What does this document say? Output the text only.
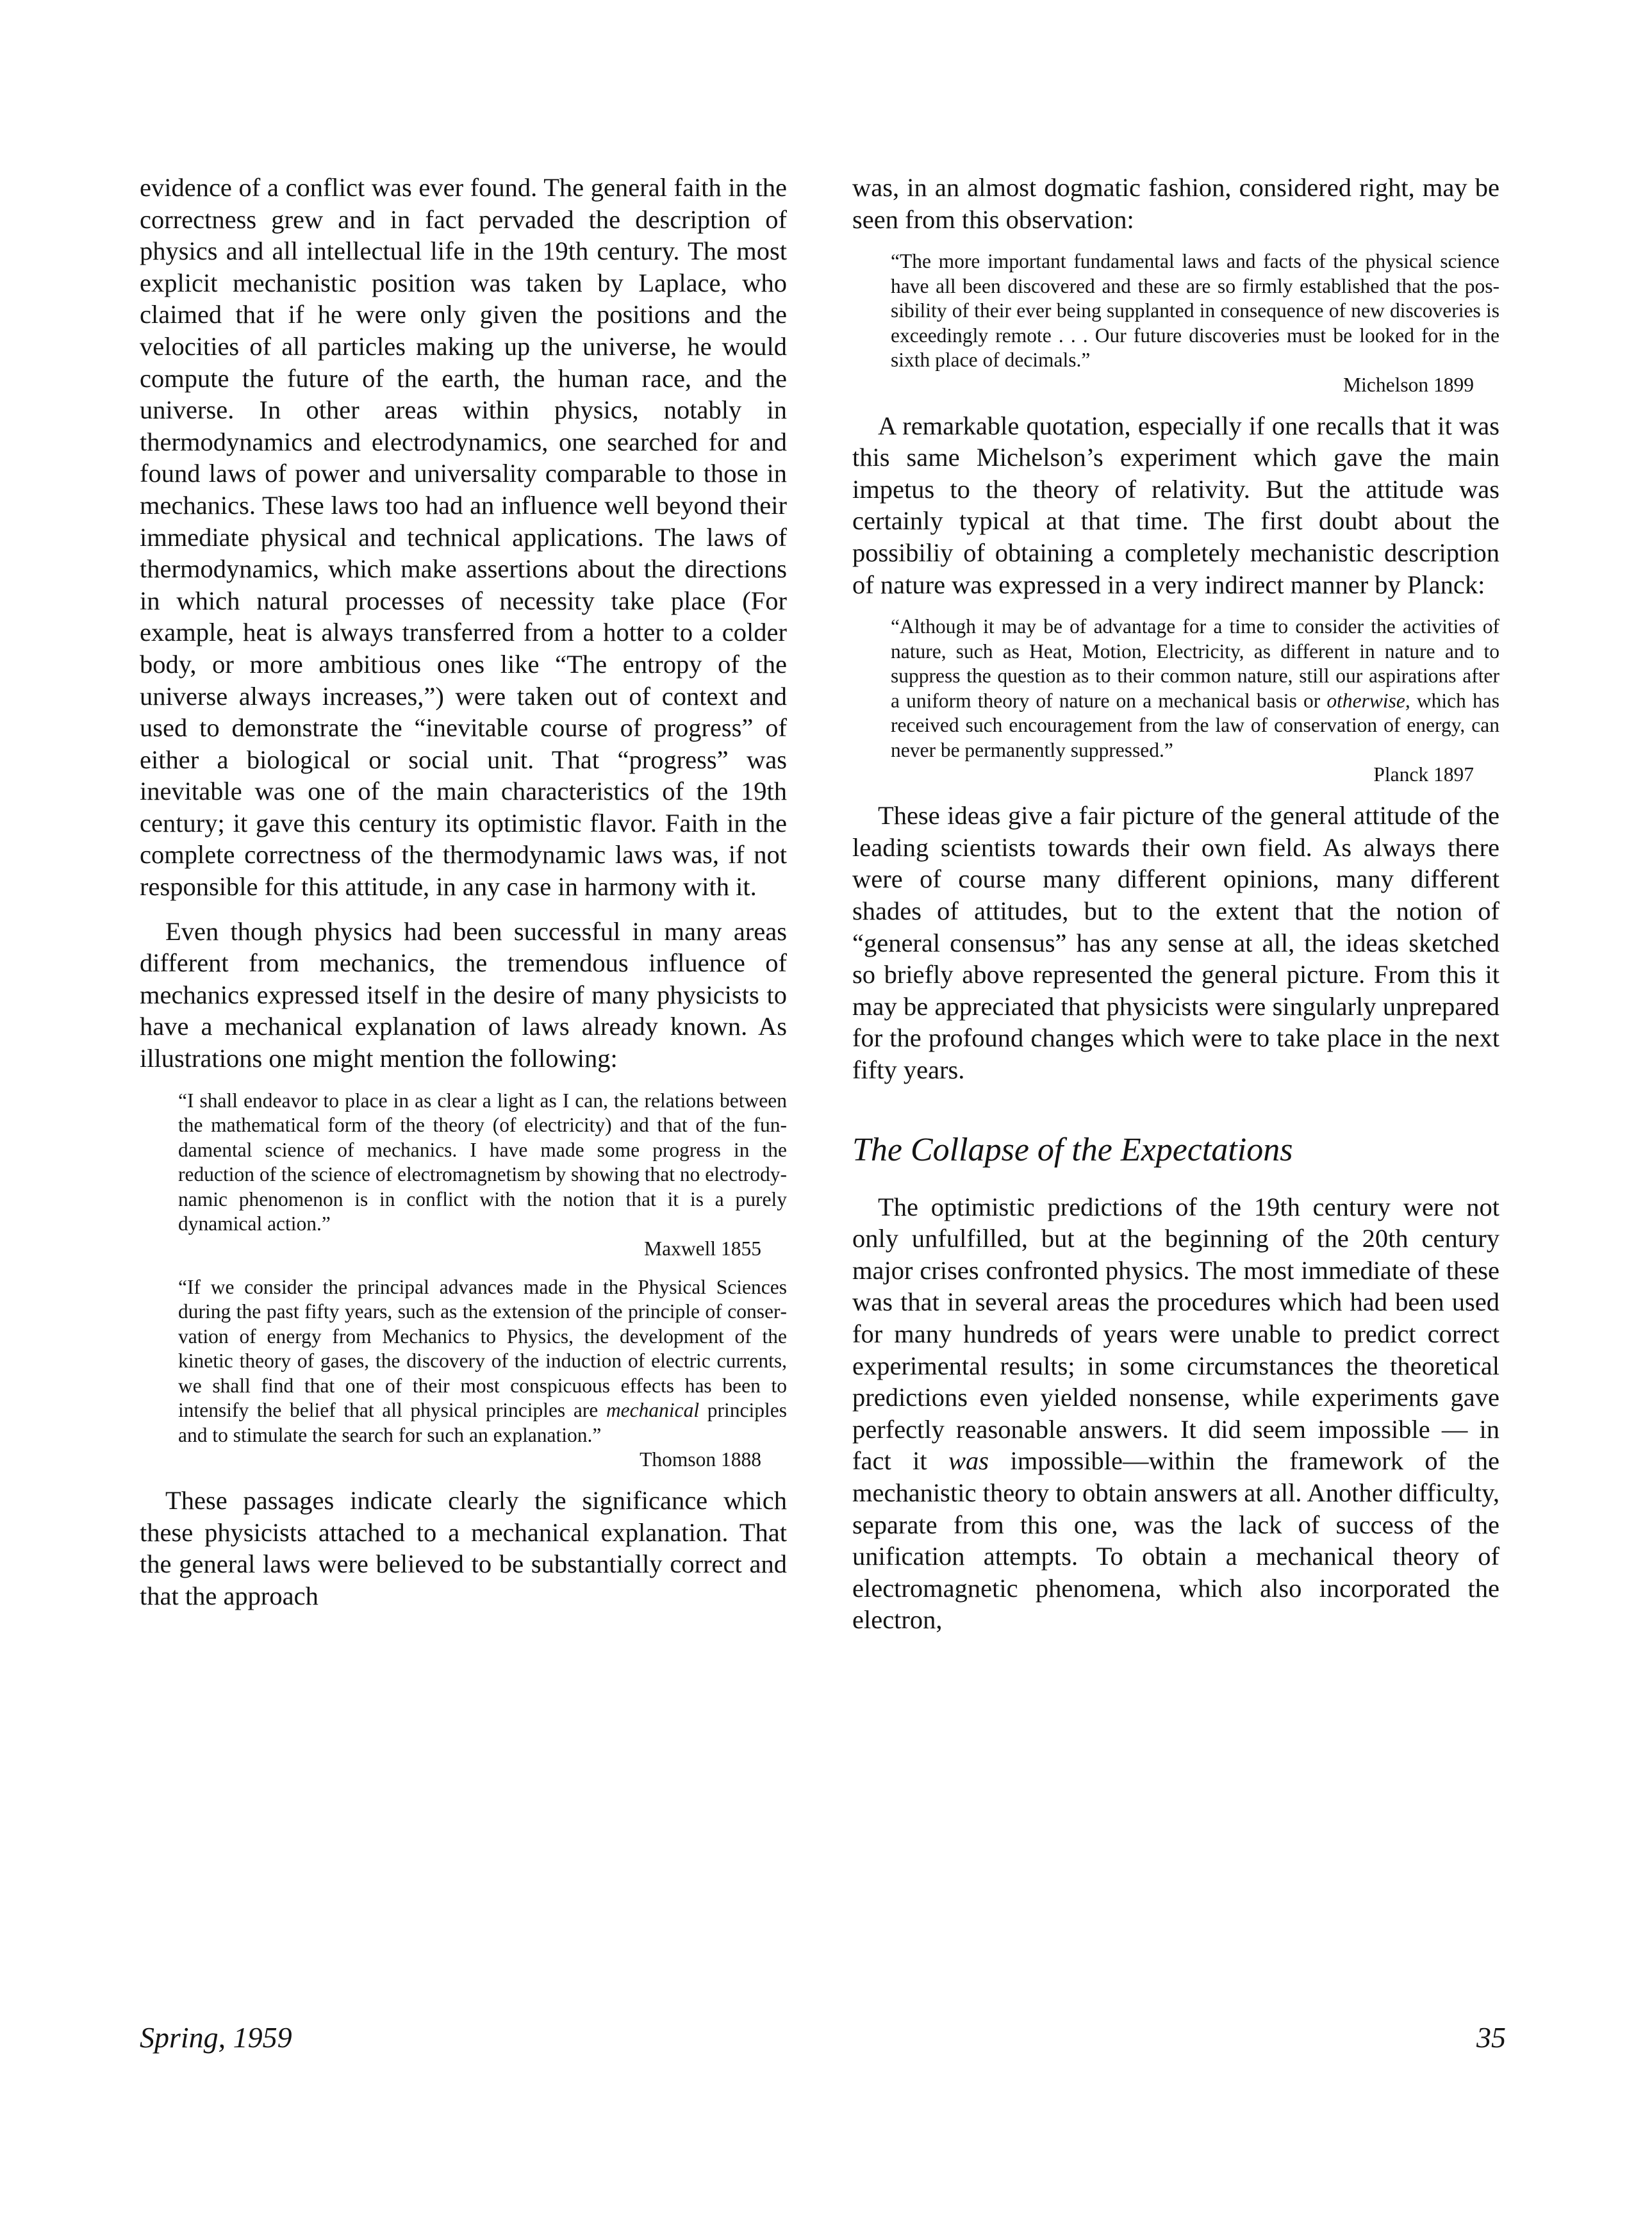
evidence of a conflict was ever found. The general faith in the correctness grew and in fact pervaded the description of physics and all intellectual life in the 19th century. The most explicit mechanistic position was taken by Laplace, who claimed that if he were only given the positions and the velocities of all particles making up the universe, he would compute the future of the earth, the human race, and the universe. In other areas within physics, notably in thermodynamics and electrodynamics, one searched for and found laws of power and universality comparable to those in mechanics. These laws too had an influence well beyond their immediate physical and technical applications. The laws of thermodynamics, which make assertions about the directions in which natural processes of necessity take place (For example, heat is always transferred from a hotter to a colder body, or more ambitious ones like “The entropy of the universe always increases,”) were taken out of context and used to demonstrate the “inevitable course of progress” of either a biological or social unit. That “progress” was inevitable was one of the main characteristics of the 19th century; it gave this century its optimistic flavor. Faith in the complete correctness of the thermodynamic laws was, if not responsible for this attitude, in any case in harmony with it.

Even though physics had been successful in many areas different from mechanics, the tremendous influence of mechanics expressed itself in the desire of many physicists to have a mechanical explanation of laws already known. As illustrations one might mention the following:

“I shall endeavor to place in as clear a light as I can, the relations between the mathematical form of the theory (of electricity) and that of the fundamental science of mechanics. I have made some progress in the reduction of the science of electromagnetism by showing that no electrodynamic phenomenon is in conflict with the notion that it is a purely dynamical action.”

Maxwell 1855

“If we consider the principal advances made in the Physical Sciences during the past fifty years, such as the extension of the principle of conservation of energy from Mechanics to Physics, the development of the kinetic theory of gases, the discovery of the induction of electric currents, we shall find that one of their most conspicuous effects has been to intensify the belief that all physical principles are mechanical principles and to stimulate the search for such an explanation.”

Thomson 1888

These passages indicate clearly the significance which these physicists attached to a mechanical explanation. That the general laws were believed to be substantially correct and that the approach

was, in an almost dogmatic fashion, considered right, may be seen from this observation:

“The more important fundamental laws and facts of the physical science have all been discovered and these are so firmly established that the possibility of their ever being supplanted in consequence of new discoveries is exceedingly remote . . . Our future discoveries must be looked for in the sixth place of decimals.”

Michelson 1899

A remarkable quotation, especially if one recalls that it was this same Michelson’s experiment which gave the main impetus to the theory of relativity. But the attitude was certainly typical at that time. The first doubt about the possibiliy of obtaining a completely mechanistic description of nature was expressed in a very indirect manner by Planck:

“Although it may be of advantage for a time to consider the activities of nature, such as Heat, Motion, Electricity, as different in nature and to suppress the question as to their common nature, still our aspirations after a uniform theory of nature on a mechanical basis or otherwise, which has received such encouragement from the law of conservation of energy, can never be permanently suppressed.”

Planck 1897

These ideas give a fair picture of the general attitude of the leading scientists towards their own field. As always there were of course many different opinions, many different shades of attitudes, but to the extent that the notion of “general consensus” has any sense at all, the ideas sketched so briefly above represented the general picture. From this it may be appreciated that physicists were singularly unprepared for the profound changes which were to take place in the next fifty years.

The Collapse of the Expectations

The optimistic predictions of the 19th century were not only unfulfilled, but at the beginning of the 20th century major crises confronted physics. The most immediate of these was that in several areas the procedures which had been used for many hundreds of years were unable to predict correct experimental results; in some circumstances the theoretical predictions even yielded nonsense, while experiments gave perfectly reasonable answers. It did seem impossible — in fact it was impossible—within the framework of the mechanistic theory to obtain answers at all. Another difficulty, separate from this one, was the lack of success of the unification attempts. To obtain a mechanical theory of electromagnetic phenomena, which also incorporated the electron,

Spring, 1959	35
